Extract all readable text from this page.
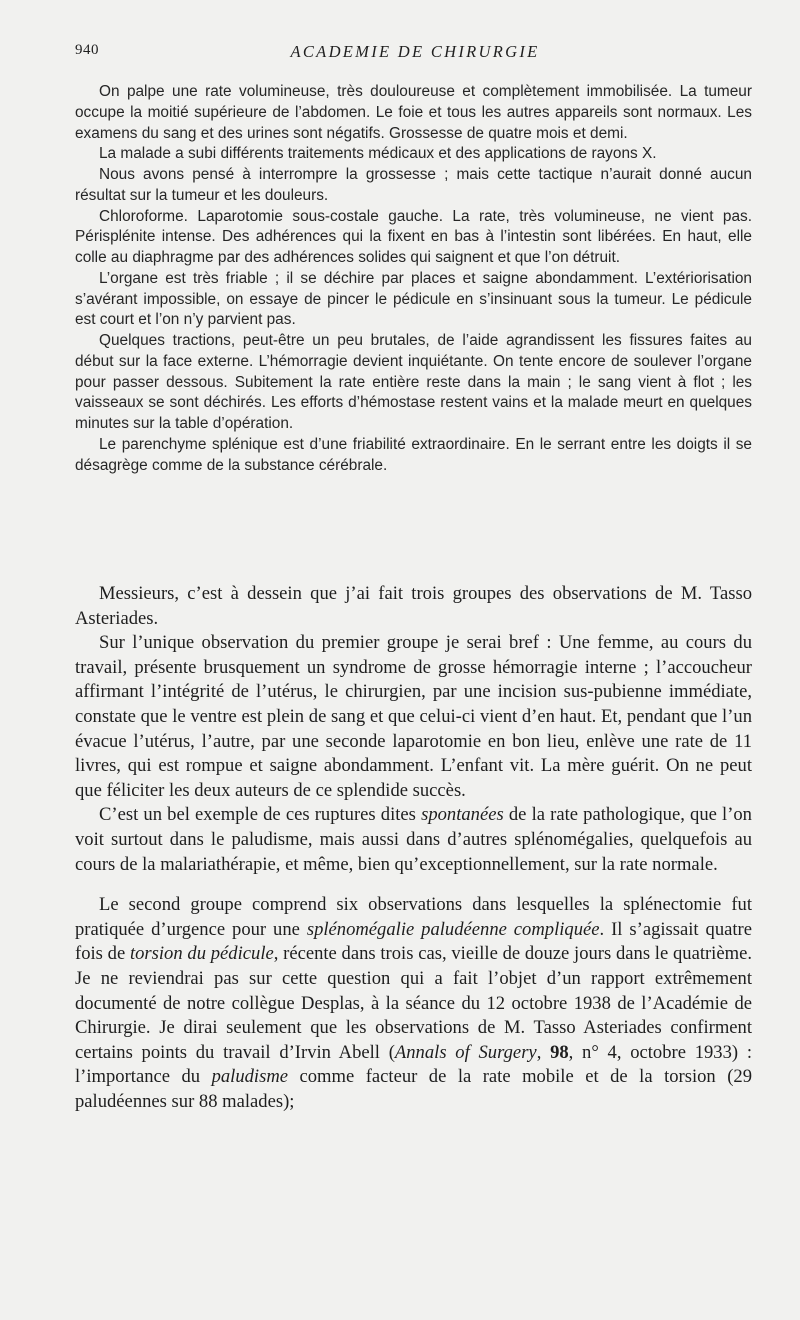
940	ACADEMIE DE CHIRURGIE

On palpe une rate volumineuse, très douloureuse et complètement immobilisée. La tumeur occupe la moitié supérieure de l’abdomen. Le foie et tous les autres appareils sont normaux. Les examens du sang et des urines sont négatifs. Grossesse de quatre mois et demi.

La malade a subi différents traitements médicaux et des applications de rayons X.

Nous avons pensé à interrompre la grossesse ; mais cette tactique n’aurait donné aucun résultat sur la tumeur et les douleurs.

Chloroforme. Laparotomie sous-costale gauche. La rate, très volumineuse, ne vient pas. Périsplénite intense. Des adhérences qui la fixent en bas à l’intestin sont libérées. En haut, elle colle au diaphragme par des adhérences solides qui saignent et que l’on détruit.

L’organe est très friable ; il se déchire par places et saigne abondamment. L’extériorisation s’avérant impossible, on essaye de pincer le pédicule en s’insinuant sous la tumeur. Le pédicule est court et l’on n’y parvient pas.

Quelques tractions, peut-être un peu brutales, de l’aide agrandissent les fissures faites au début sur la face externe. L’hémorragie devient inquiétante. On tente encore de soulever l’organe pour passer dessous. Subitement la rate entière reste dans la main ; le sang vient à flot ; les vaisseaux se sont déchirés. Les efforts d’hémostase restent vains et la malade meurt en quelques minutes sur la table d’opération.

Le parenchyme splénique est d’une friabilité extraordinaire. En le serrant entre les doigts il se désagrège comme de la substance cérébrale.

Messieurs, c’est à dessein que j’ai fait trois groupes des observations de M. Tasso Asteriades.

Sur l’unique observation du premier groupe je serai bref : Une femme, au cours du travail, présente brusquement un syndrome de grosse hémorragie interne ; l’accoucheur affirmant l’intégrité de l’utérus, le chirurgien, par une incision sus-pubienne immédiate, constate que le ventre est plein de sang et que celui-ci vient d’en haut. Et, pendant que l’un évacue l’utérus, l’autre, par une seconde laparotomie en bon lieu, enlève une rate de 11 livres, qui est rompue et saigne abondamment. L’enfant vit. La mère guérit. On ne peut que féliciter les deux auteurs de ce splendide succès.

C’est un bel exemple de ces ruptures dites spontanées de la rate pathologique, que l’on voit surtout dans le paludisme, mais aussi dans d’autres splénomégalies, quelquefois au cours de la malariathérapie, et même, bien qu’exceptionnellement, sur la rate normale.

Le second groupe comprend six observations dans lesquelles la splénectomie fut pratiquée d’urgence pour une splénomégalie paludéenne compliquée. Il s’agissait quatre fois de torsion du pédicule, récente dans trois cas, vieille de douze jours dans le quatrième. Je ne reviendrai pas sur cette question qui a fait l’objet d’un rapport extrêmement documenté de notre collègue Desplas, à la séance du 12 octobre 1938 de l’Académie de Chirurgie. Je dirai seulement que les observations de M. Tasso Asteriades confirment certains points du travail d’Irvin Abell (Annals of Surgery, 98, n° 4, octobre 1933) : l’importance du paludisme comme facteur de la rate mobile et de la torsion (29 paludéennes sur 88 malades);
